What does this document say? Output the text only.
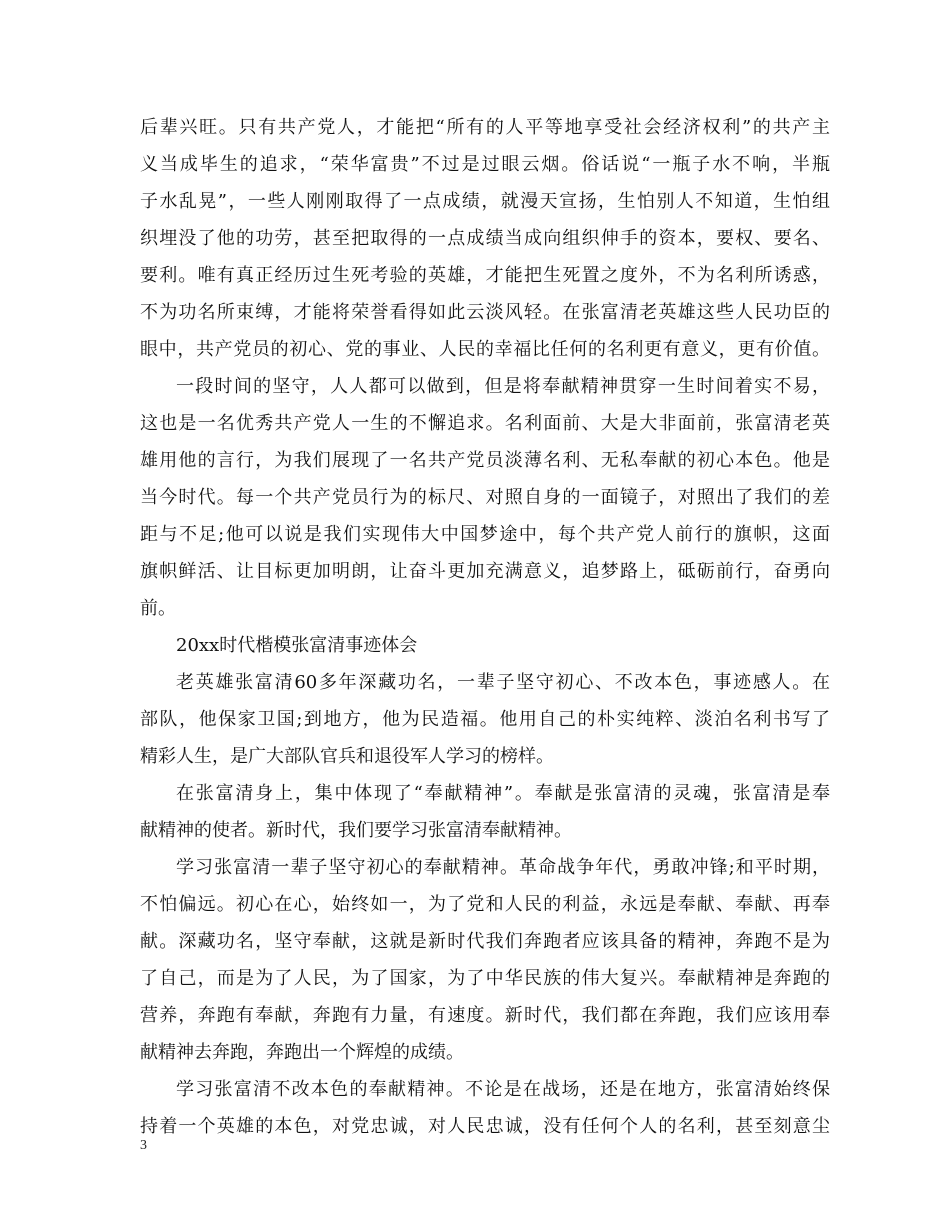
后辈兴旺。只有共产党人，才能把“所有的人平等地享受社会经济权利”的共产主
义当成毕生的追求，“荣华富贵”不过是过眼云烟。俗话说“一瓶子水不响，半瓶
子水乱晃”，一些人刚刚取得了一点成绩，就漫天宣扬，生怕别人不知道，生怕组
织埋没了他的功劳，甚至把取得的一点成绩当成向组织伸手的资本，要权、要名、
要利。唯有真正经历过生死考验的英雄，才能把生死置之度外，不为名利所诱惑，
不为功名所束缚，才能将荣誉看得如此云淡风轻。在张富清老英雄这些人民功臣的
眼中，共产党员的初心、党的事业、人民的幸福比任何的名利更有意义，更有价值。
一段时间的坚守，人人都可以做到，但是将奉献精神贯穿一生时间着实不易，
这也是一名优秀共产党人一生的不懈追求。名利面前、大是大非面前，张富清老英
雄用他的言行，为我们展现了一名共产党员淡薄名利、无私奉献的初心本色。他是
当今时代。每一个共产党员行为的标尺、对照自身的一面镜子，对照出了我们的差
距与不足;他可以说是我们实现伟大中国梦途中，每个共产党人前行的旗帜，这面
旗帜鲜活、让目标更加明朗，让奋斗更加充满意义，追梦路上，砥砺前行，奋勇向
前。
20xx时代楷模张富清事迹体会
老英雄张富清60多年深藏功名，一辈子坚守初心、不改本色，事迹感人。在
部队，他保家卫国;到地方，他为民造福。他用自己的朴实纯粹、淡泊名利书写了
精彩人生，是广大部队官兵和退役军人学习的榜样。
在张富清身上，集中体现了“奉献精神”。奉献是张富清的灵魂，张富清是奉
献精神的使者。新时代，我们要学习张富清奉献精神。
学习张富清一辈子坚守初心的奉献精神。革命战争年代，勇敢冲锋;和平时期，
不怕偏远。初心在心，始终如一，为了党和人民的利益，永远是奉献、奉献、再奉
献。深藏功名，坚守奉献，这就是新时代我们奔跑者应该具备的精神，奔跑不是为
了自己，而是为了人民，为了国家，为了中华民族的伟大复兴。奉献精神是奔跑的
营养，奔跑有奉献，奔跑有力量，有速度。新时代，我们都在奔跑，我们应该用奉
献精神去奔跑，奔跑出一个辉煌的成绩。
学习张富清不改本色的奉献精神。不论是在战场，还是在地方，张富清始终保
持着一个英雄的本色，对党忠诚，对人民忠诚，没有任何个人的名利，甚至刻意尘
3
